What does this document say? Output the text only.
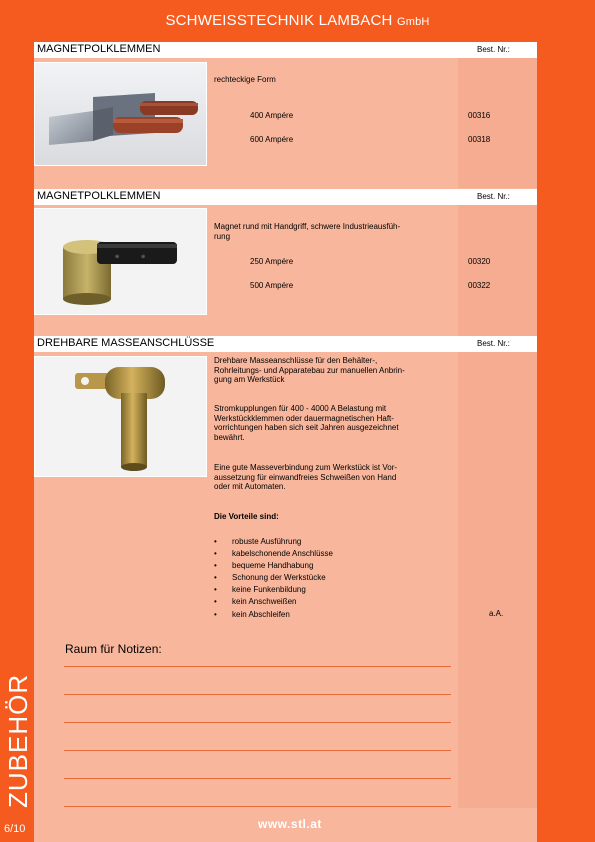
SCHWEISSTECHNIK LAMBACH GmbH
ZUBEHÖR
6/10
MAGNETPOLKLEMMEN	Best. Nr.:
rechteckige Form
400 Ampére	00316
600 Ampére	00318
MAGNETPOLKLEMMEN	Best. Nr.:
⊕	⊕
Magnet rund mit Handgriff, schwere Industrieausfüh-
rung
250 Ampére	00320
500 Ampére	00322
DREHBARE MASSEANSCHLÜSSE	Best. Nr.:
Drehbare Masseanschlüsse für den Behälter-,
Rohrleitungs- und Apparatebau zur manuellen Anbrin-
gung am Werkstück
Stromkupplungen für 400 - 4000 A Belastung mit
Werkstückklemmen oder dauermagnetischen Haft-
vorrichtungen haben sich seit Jahren ausgezeichnet
bewährt.
Eine gute Masseverbindung zum Werkstück ist Vor-
aussetzung für einwandfreies Schweißen von Hand
oder mit Automaten.
Die Vorteile sind:
• robuste Ausführung
• kabelschonende Anschlüsse
• bequeme Handhabung
• Schonung der Werkstücke
• keine Funkenbildung
• kein Anschweißen
• kein Abschleifen	a.A.
Raum für Notizen:
www.stl.at
